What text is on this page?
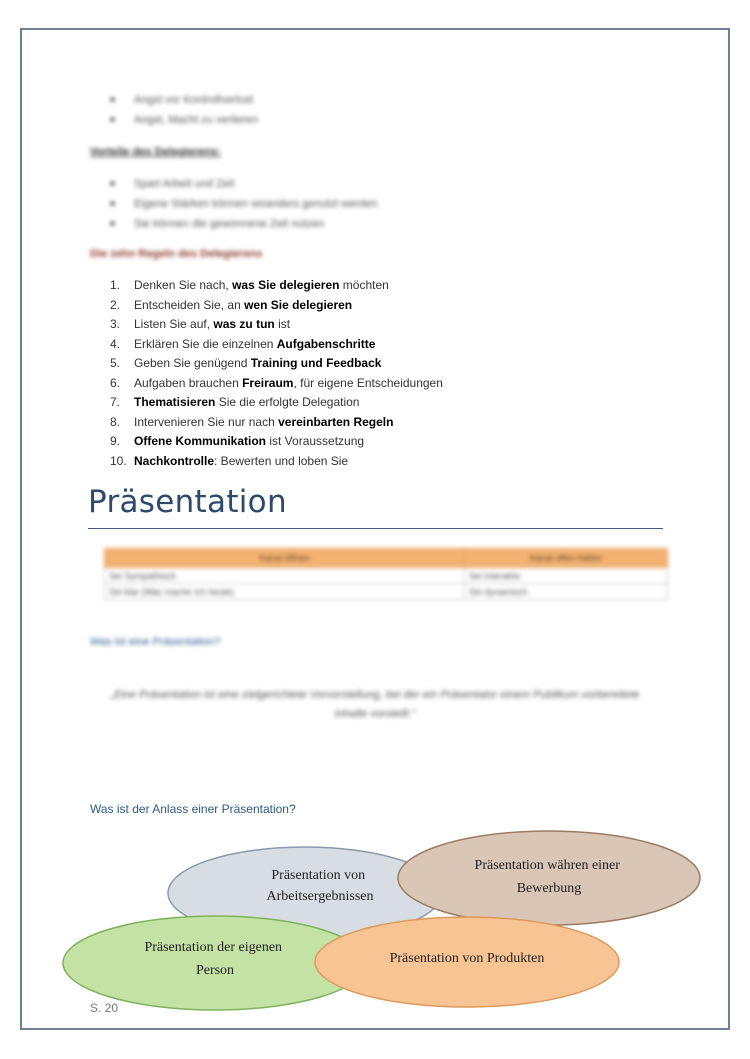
■ Angst vor Kontrollverlust
■ Angst, Macht zu verlieren
Vorteile des Delegierens:
■ Spart Arbeit und Zeit
■ Eigene Stärken können woanders genutzt werden
■ Sie können die gewonnene Zeit nutzen
Die zehn Regeln des Delegierens
1. Denken Sie nach, was Sie delegieren möchten
2. Entscheiden Sie, an wen Sie delegieren
3. Listen Sie auf, was zu tun ist
4. Erklären Sie die einzelnen Aufgabenschritte
5. Geben Sie genügend Training und Feedback
6. Aufgaben brauchen Freiraum, für eigene Entscheidungen
7. Thematisieren Sie die erfolgte Delegation
8. Intervenieren Sie nur nach vereinbarten Regeln
9. Offene Kommunikation ist Voraussetzung
10. Nachkontrolle: Bewerten und loben Sie
Präsentation
Kanal öffnen	Kanal offen halten
Sei Sympathisch	Sei interaktiv
Sei klar (Was mache ich heute)	Sei dynamisch
Was ist eine Präsentation?
„Eine Präsentation ist eine zielgerichtete Vorvorstellung, bei der ein Präsentator einem Publikum vorbereitete Inhalte vorstellt."
Was ist der Anlass einer Präsentation?
Präsentation von Arbeitsergebnissen
Präsentation währen einer Bewerbung
Präsentation der eigenen Person
Präsentation von Produkten
S. 20
